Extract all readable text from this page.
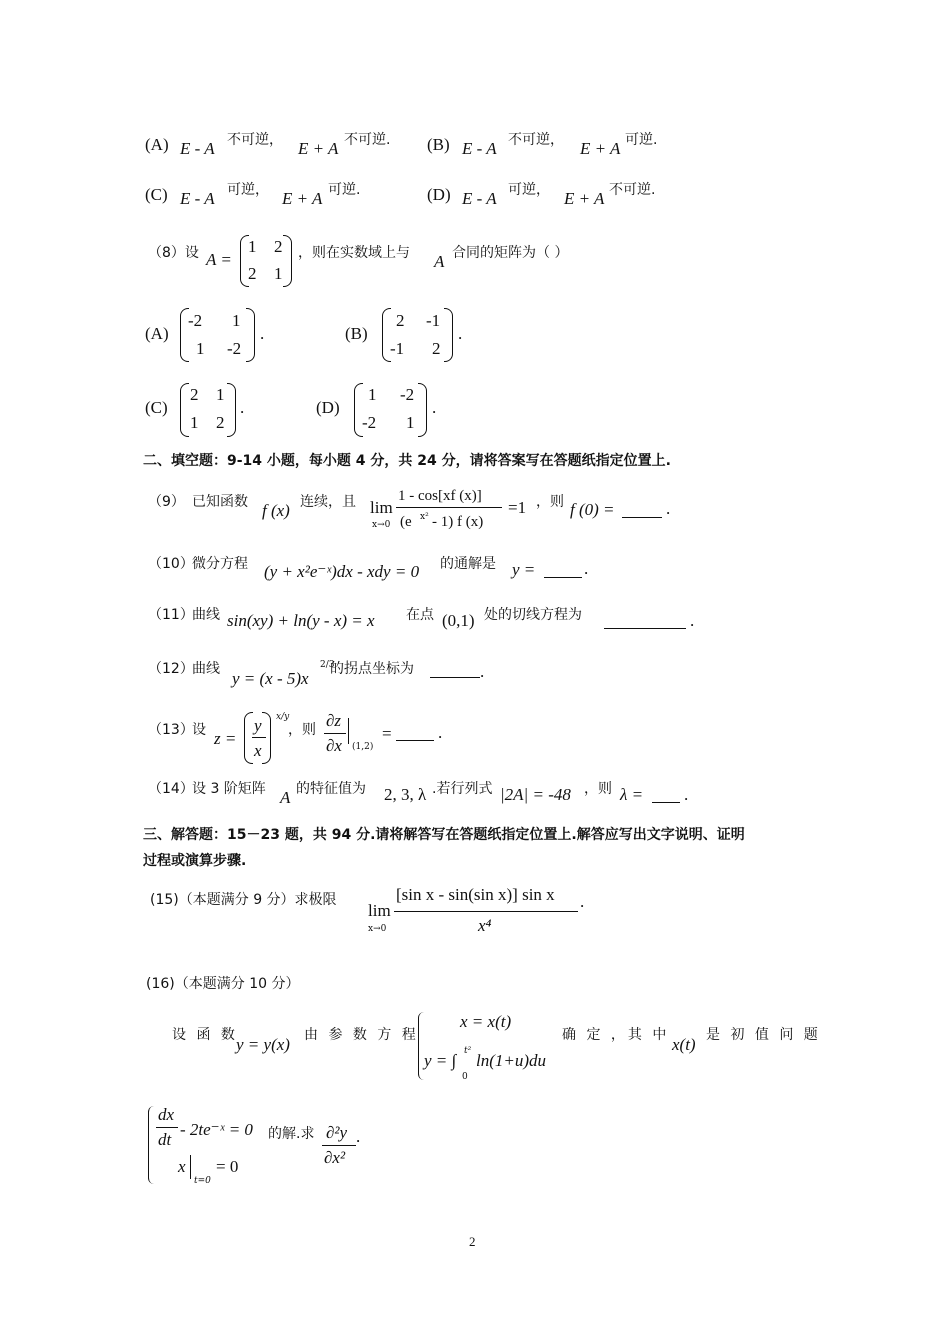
(A) E - A 不可逆， E + A 不可逆. (B) E - A 不可逆， E + A 可逆.
(C) E - A 可逆， E + A 可逆.	(D) E - A 可逆， E + A 不可逆.
（8）设 A =
1 2
2 1
，则在实数域上与 A 合同的矩阵为（ ）
(A)
-2 1
1 -2
.	(B)
2 -1
-1 2
.
(C)
2 1
1 2
.	(D)
1 -2
-2 1
.
二、填空题：9-14 小题，每小题 4 分，共 24 分，请将答案写在答题纸指定位置上.
（9） 已知函数 f (x) 连续，且 lim
x→0
1 - cos[xf (x)]
(e x² - 1) f (x)
=1 ，则 f (0) =	.
（10）
微分方程 (y + x²e⁻ˣ)dx - xdy = 0 的通解是 y =	.
（11）
曲线 sin(xy) + ln(y - x) = x 在点 (0,1) 处的切线方程为	.
（12）
曲线 y = (x - 5)x
2/3
的拐点坐标为	.
（13）
设 z =
y
x
x/y
，则 ∂z
∂x (1,2)
=	.
（14）
设 3 阶矩阵 A 的特征值为 2, 3, λ .若行列式 |2A| = -48 ，则 λ = .
三、解答题：15－23 题，共 94 分.请将解答写在答题纸指定位置上.解答应写出文字说明、证明
过程或演算步骤.
(15)（本题满分 9 分）求极限
lim
x→0
[sin x - sin(sin x)] sin x
x⁴
.
(16)（本题满分 10 分）
设 函 数
y = y(x) 由 参 数 方 程
x = x(t)
y = ∫ t²
0
ln(1+u)du
确 定 ，其 中 x(t) 是 初 值 问 题
dx
dt
- 2te⁻ˣ = 0
x
t=0
= 0
的解.求 ∂²y
∂x²
.
2
